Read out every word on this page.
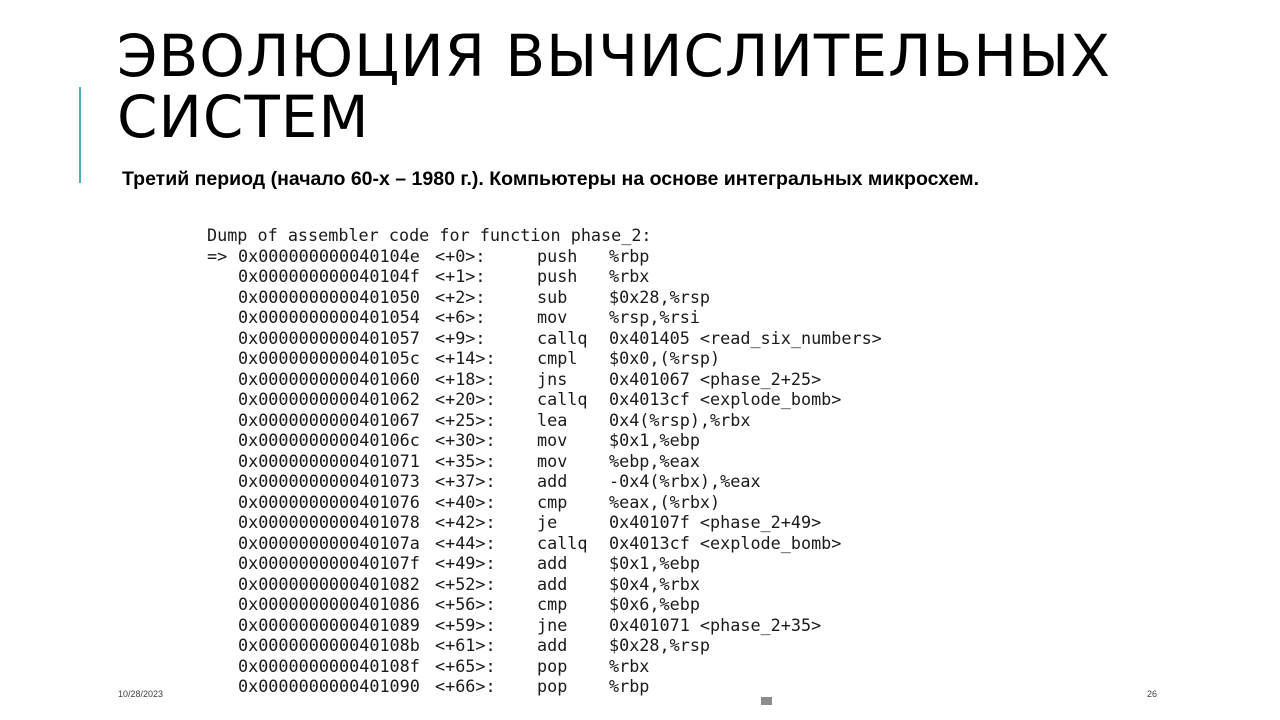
ЭВОЛЮЦИЯ ВЫЧИСЛИТЕЛЬНЫХ СИСТЕМ

Третий период (начало 60-х – 1980 г.). Компьютеры на основе интегральных микросхем.

Dump of assembler code for function phase_2:
=> 0x000000000040104e <+0>:	push %rbp
0x000000000040104f <+1>:	push %rbx
0x0000000000401050 <+2>:	sub $0x28,%rsp
0x0000000000401054 <+6>:	mov %rsp,%rsi
0x0000000000401057 <+9>:	callq 0x401405 <read_six_numbers>
0x000000000040105c <+14>: cmpl $0x0,(%rsp)
0x0000000000401060 <+18>: jns 0x401067 <phase_2+25>
0x0000000000401062 <+20>: callq 0x4013cf <explode_bomb>
0x0000000000401067 <+25>: lea 0x4(%rsp),%rbx
0x000000000040106c <+30>: mov $0x1,%ebp
0x0000000000401071 <+35>: mov %ebp,%eax
0x0000000000401073 <+37>: add -0x4(%rbx),%eax
0x0000000000401076 <+40>: cmp %eax,(%rbx)
0x0000000000401078 <+42>: je	0x40107f <phase_2+49>
0x000000000040107a <+44>: callq 0x4013cf <explode_bomb>
0x000000000040107f <+49>: add $0x1,%ebp
0x0000000000401082 <+52>: add $0x4,%rbx
0x0000000000401086 <+56>: cmp $0x6,%ebp
0x0000000000401089 <+59>: jne 0x401071 <phase_2+35>
0x000000000040108b <+61>: add $0x28,%rsp
0x000000000040108f <+65>: pop %rbx
0x0000000000401090 <+66>: pop %rbp
10/28/2023	26
